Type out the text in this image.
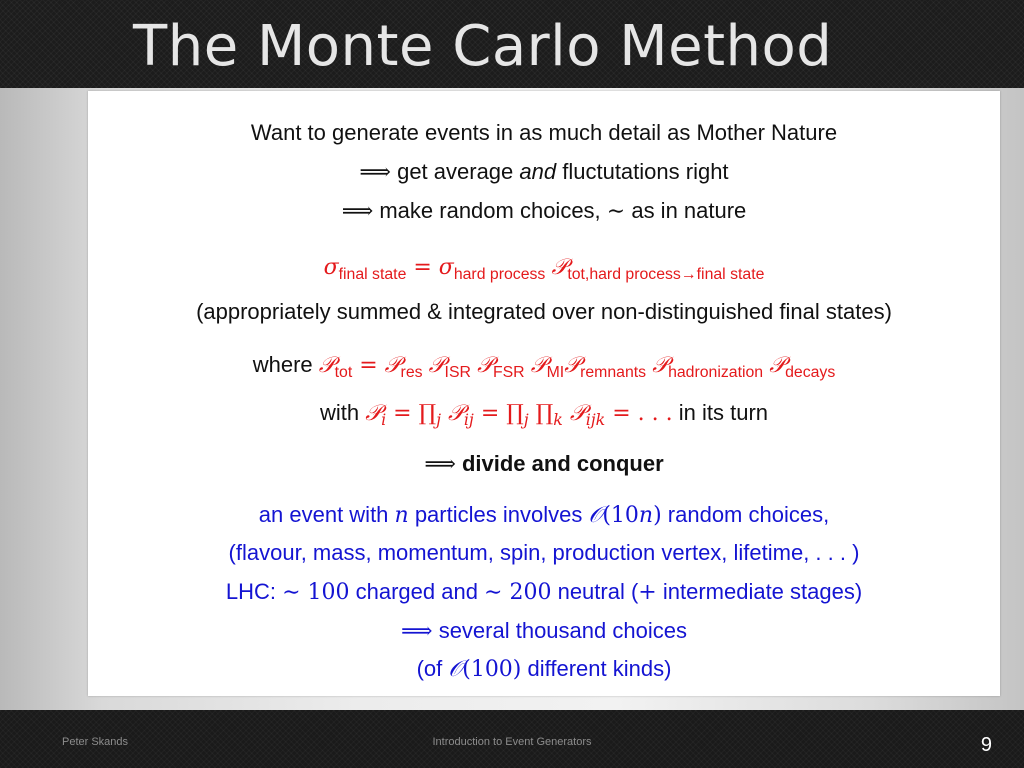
The Monte Carlo Method
Want to generate events in as much detail as Mother Nature
⟹ get average and fluctutations right
⟹ make random choices, ∼ as in nature
$\sigma_{final state} = \sigma_{hard process}$ 𝒫$_{tot,hard process\to final state}$
(appropriately summed & integrated over non-distinguished final states)
where 𝒫$_{tot}$ = 𝒫$_{res}$ 𝒫$_{ISR}$ 𝒫$_{FSR}$ 𝒫$_{MI}$𝒫$_{remnants}$ 𝒫$_{hadronization}$ 𝒫$_{decays}$
with 𝒫$_i$ = $\prod_j$ 𝒫$_{ij}$ = $\prod_j$ $\prod_k$ 𝒫$_{ijk}$ = . . . in its turn
⟹ divide and conquer
an event with n particles involves 𝒪(10n) random choices,
(flavour, mass, momentum, spin, production vertex, lifetime, . . . )
LHC: ∼ 100 charged and ∼ 200 neutral (+ intermediate stages)
⟹ several thousand choices
(of 𝒪(100) different kinds)
Peter Skands	Introduction to Event Generators	9
